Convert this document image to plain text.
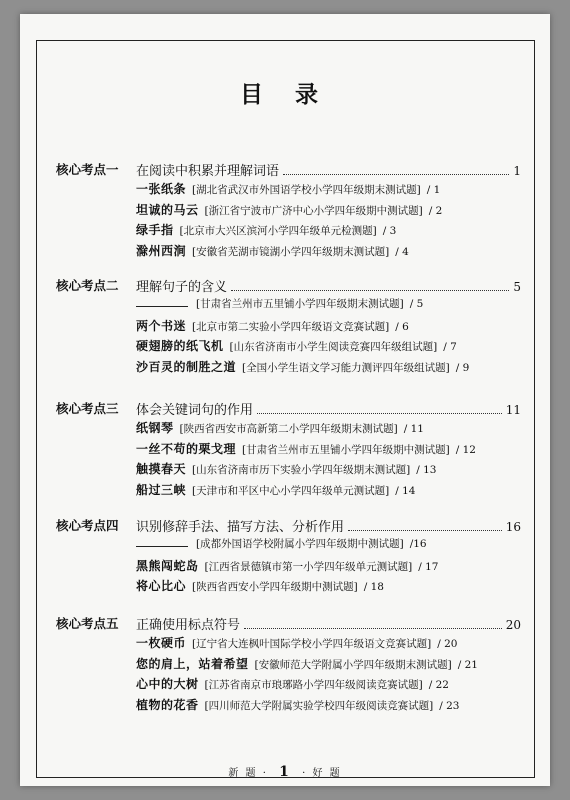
目 录
核心考点一 在阅读中积累并理解词语	1
一张纸条 [湖北省武汉市外国语学校小学四年级期末测试题] / 1
坦诚的马云 [浙江省宁波市广济中心小学四年级期中测试题] / 2
绿手指 [北京市大兴区滨河小学四年级单元检测题] / 3
滁州西涧 [安徽省芜湖市镜湖小学四年级期末测试题] / 4
核心考点二 理解句子的含义	5
[甘肃省兰州市五里铺小学四年级期末测试题] / 5
两个书迷 [北京市第二实验小学四年级语文竞赛试题] / 6
硬翅膀的纸飞机 [山东省济南市小学生阅读竞赛四年级组试题] / 7
沙百灵的制胜之道 [全国小学生语文学习能力测评四年级组试题] / 9
核心考点三 体会关键词句的作用	11
纸钢琴 [陕西省西安市高新第二小学四年级期末测试题] / 11
一丝不苟的栗戈理 [甘肃省兰州市五里铺小学四年级期中测试题] / 12
触摸春天 [山东省济南市历下实验小学四年级期末测试题] / 13
船过三峡 [天津市和平区中心小学四年级单元测试题] / 14
核心考点四 识别修辞手法、描写方法、分析作用	16
[成都外国语学校附属小学四年级期中测试题] /16
黑熊闯蛇岛 [江西省景德镇市第一小学四年级单元测试题] / 17
将心比心 [陕西省西安小学四年级期中测试题] / 18
核心考点五 正确使用标点符号	20
一枚硬币 [辽宁省大连枫叶国际学校小学四年级语文竞赛试题] / 20
您的肩上，站着希望 [安徽师范大学附属小学四年级期末测试题] / 21
心中的大树 [江苏省南京市琅琊路小学四年级阅读竞赛试题] / 22
植物的花香 [四川师范大学附属实验学校四年级阅读竞赛试题] / 23
新 题 · 1 · 好 题
